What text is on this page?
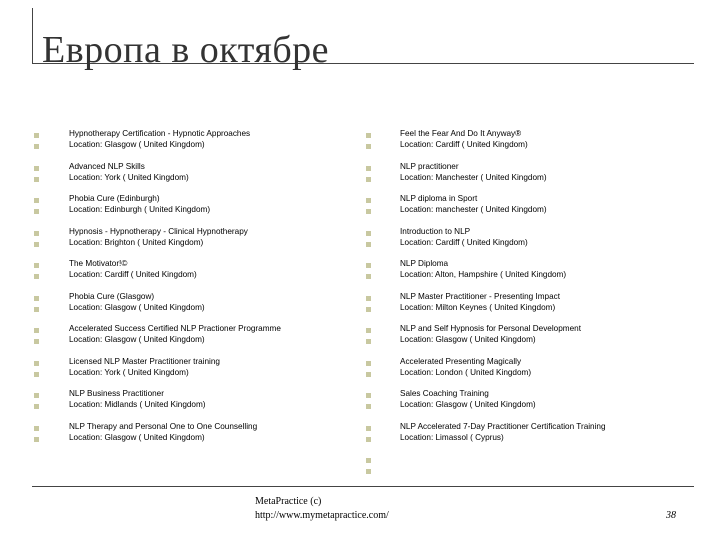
Европа в октябре
Hypnotherapy Certification - Hypnotic Approaches
Location: Glasgow ( United Kingdom)
Advanced NLP Skills
Location: York ( United Kingdom)
Phobia Cure (Edinburgh)
Location: Edinburgh ( United Kingdom)
Hypnosis - Hypnotherapy - Clinical Hypnotherapy
Location: Brighton ( United Kingdom)
The Motivator!©
Location: Cardiff ( United Kingdom)
Phobia Cure (Glasgow)
Location: Glasgow ( United Kingdom)
Accelerated Success Certified NLP Practioner Programme
Location: Glasgow ( United Kingdom)
Licensed NLP Master Practitioner training
Location: York ( United Kingdom)
NLP Business Practitioner
Location: Midlands ( United Kingdom)
NLP Therapy and Personal One to One Counselling
Location: Glasgow ( United Kingdom)
Feel the Fear And Do It Anyway®
Location: Cardiff ( United Kingdom)
NLP practitioner
Location: Manchester ( United Kingdom)
NLP diploma in Sport
Location: manchester ( United Kingdom)
Introduction to NLP
Location: Cardiff ( United Kingdom)
NLP Diploma
Location: Alton, Hampshire ( United Kingdom)
NLP Master Practitioner - Presenting Impact
Location: Milton Keynes ( United Kingdom)
NLP and Self Hypnosis for Personal Development
Location: Glasgow ( United Kingdom)
Accelerated Presenting Magically
Location: London ( United Kingdom)
Sales Coaching Training
Location: Glasgow ( United Kingdom)
NLP Accelerated 7-Day Practitioner Certification Training
Location: Limassol ( Cyprus)
MetaPractice (c)
http://www.mymetapractice.com/	38
